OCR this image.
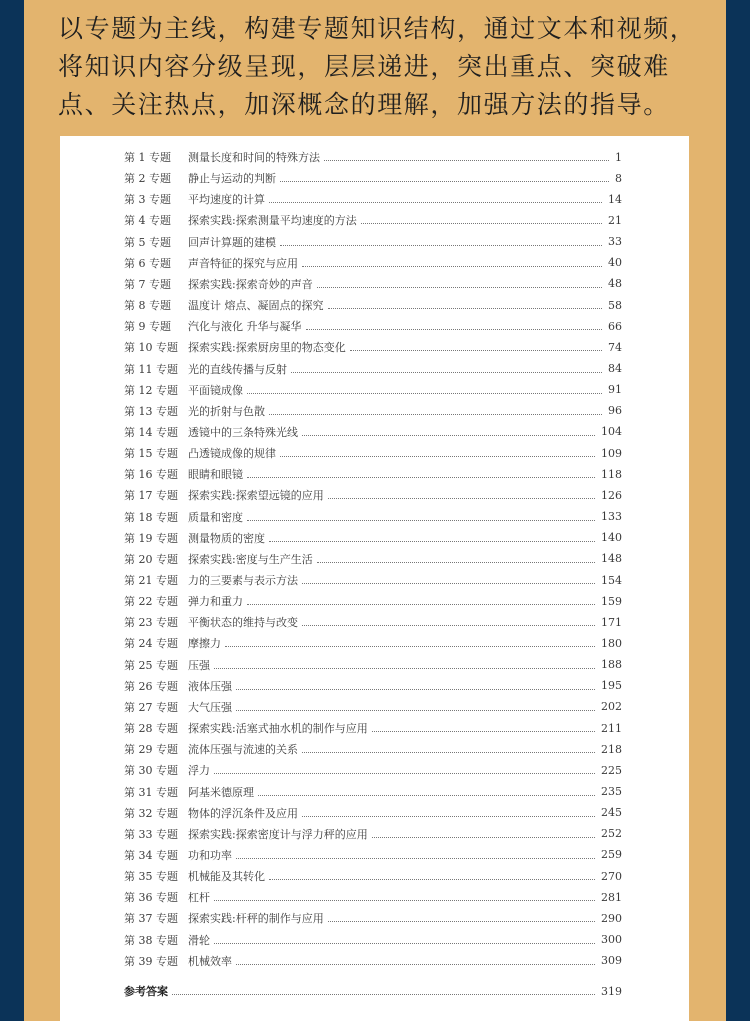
以专题为主线，构建专题知识结构，通过文本和视频，将知识内容分级呈现，层层递进，突出重点、突破难点、关注热点，加深概念的理解，加强方法的指导。

第 1 专题	测量长度和时间的特殊方法	1
第 2 专题	静止与运动的判断	8
第 3 专题	平均速度的计算	14
第 4 专题	探索实践:探索测量平均速度的方法	21
第 5 专题	回声计算题的建模	33
第 6 专题	声音特征的探究与应用	40
第 7 专题	探索实践:探索奇妙的声音	48
第 8 专题	温度计 熔点、凝固点的探究	58
第 9 专题	汽化与液化 升华与凝华	66
第 10 专题 探索实践:探索厨房里的物态变化	74
第 11 专题 光的直线传播与反射	84
第 12 专题 平面镜成像	91
第 13 专题 光的折射与色散	96
第 14 专题 透镜中的三条特殊光线	104
第 15 专题 凸透镜成像的规律	109
第 16 专题 眼睛和眼镜	118
第 17 专题 探索实践:探索望远镜的应用	126
第 18 专题 质量和密度	133
第 19 专题 测量物质的密度	140
第 20 专题 探索实践:密度与生产生活	148
第 21 专题 力的三要素与表示方法	154
第 22 专题 弹力和重力	159
第 23 专题 平衡状态的维持与改变	171
第 24 专题 摩擦力	180
第 25 专题 压强	188
第 26 专题 液体压强	195
第 27 专题 大气压强	202
第 28 专题 探索实践:活塞式抽水机的制作与应用	211
第 29 专题 流体压强与流速的关系	218
第 30 专题 浮力	225
第 31 专题 阿基米德原理	235
第 32 专题 物体的浮沉条件及应用	245
第 33 专题 探索实践:探索密度计与浮力秤的应用	252
第 34 专题 功和功率	259
第 35 专题 机械能及其转化	270
第 36 专题 杠杆	281
第 37 专题 探索实践:杆秤的制作与应用	290
第 38 专题 滑轮	300
第 39 专题 机械效率	309
参考答案	319
